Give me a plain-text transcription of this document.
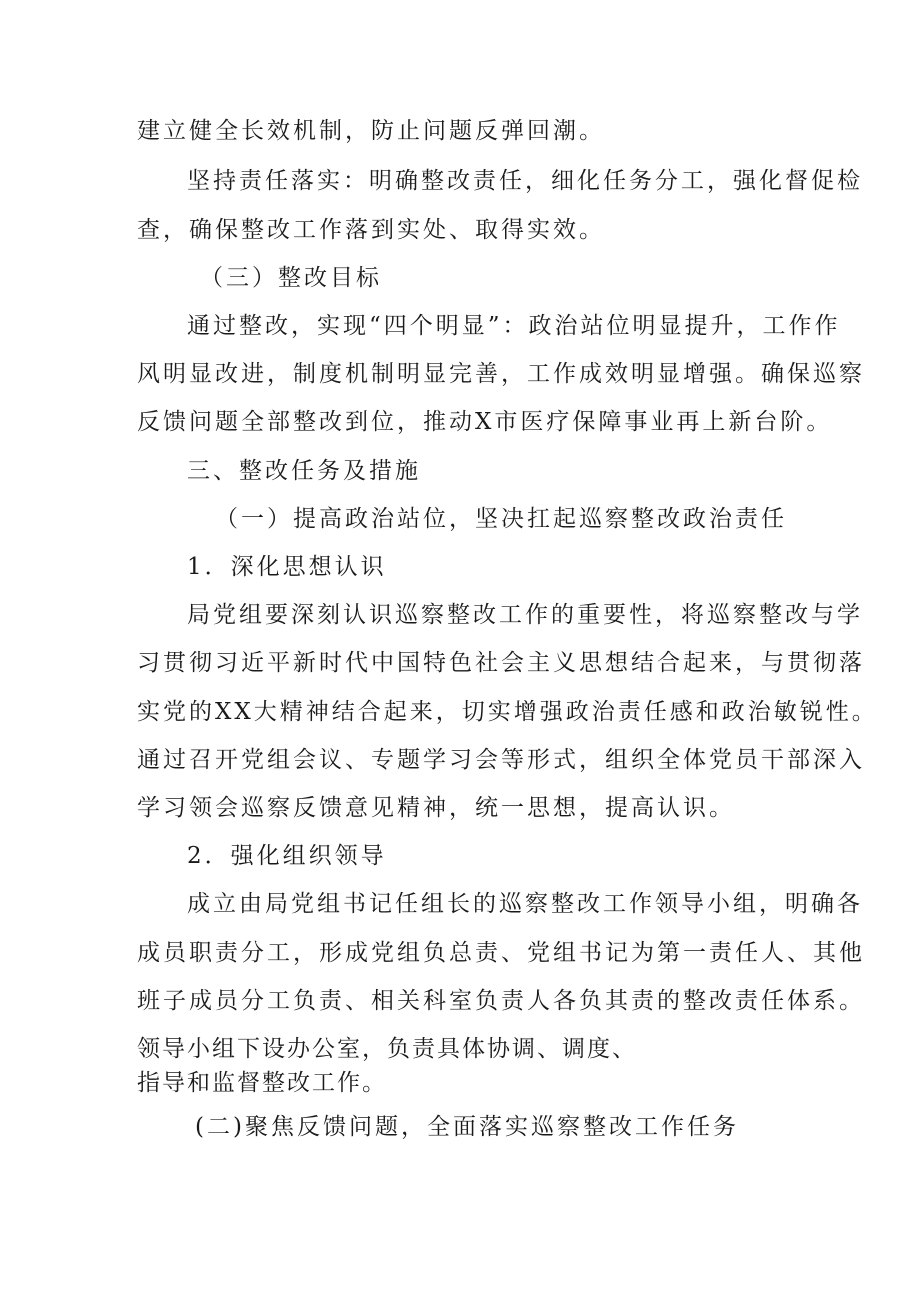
建立健全长效机制，防止问题反弹回潮。

坚持责任落实：明确整改责任，细化任务分工，强化督促检

查，确保整改工作落到实处、取得实效。

（三）整改目标

通过整改，实现“四个明显”：政治站位明显提升，工作作

风明显改进，制度机制明显完善，工作成效明显增强。确保巡察

反馈问题全部整改到位，推动X市医疗保障事业再上新台阶。

三、整改任务及措施

（一）提高政治站位，坚决扛起巡察整改政治责任

1．深化思想认识

局党组要深刻认识巡察整改工作的重要性，将巡察整改与学

习贯彻习近平新时代中国特色社会主义思想结合起来，与贯彻落

实党的XX大精神结合起来，切实增强政治责任感和政治敏锐性。

通过召开党组会议、专题学习会等形式，组织全体党员干部深入

学习领会巡察反馈意见精神，统一思想，提高认识。

2．强化组织领导

成立由局党组书记任组长的巡察整改工作领导小组，明确各

成员职责分工，形成党组负总责、党组书记为第一责任人、其他

班子成员分工负责、相关科室负责人各负其责的整改责任体系。

领导小组下设办公室，负责具体协调、调度、

指导和监督整改工作。

(二)聚焦反馈问题，全面落实巡察整改工作任务
